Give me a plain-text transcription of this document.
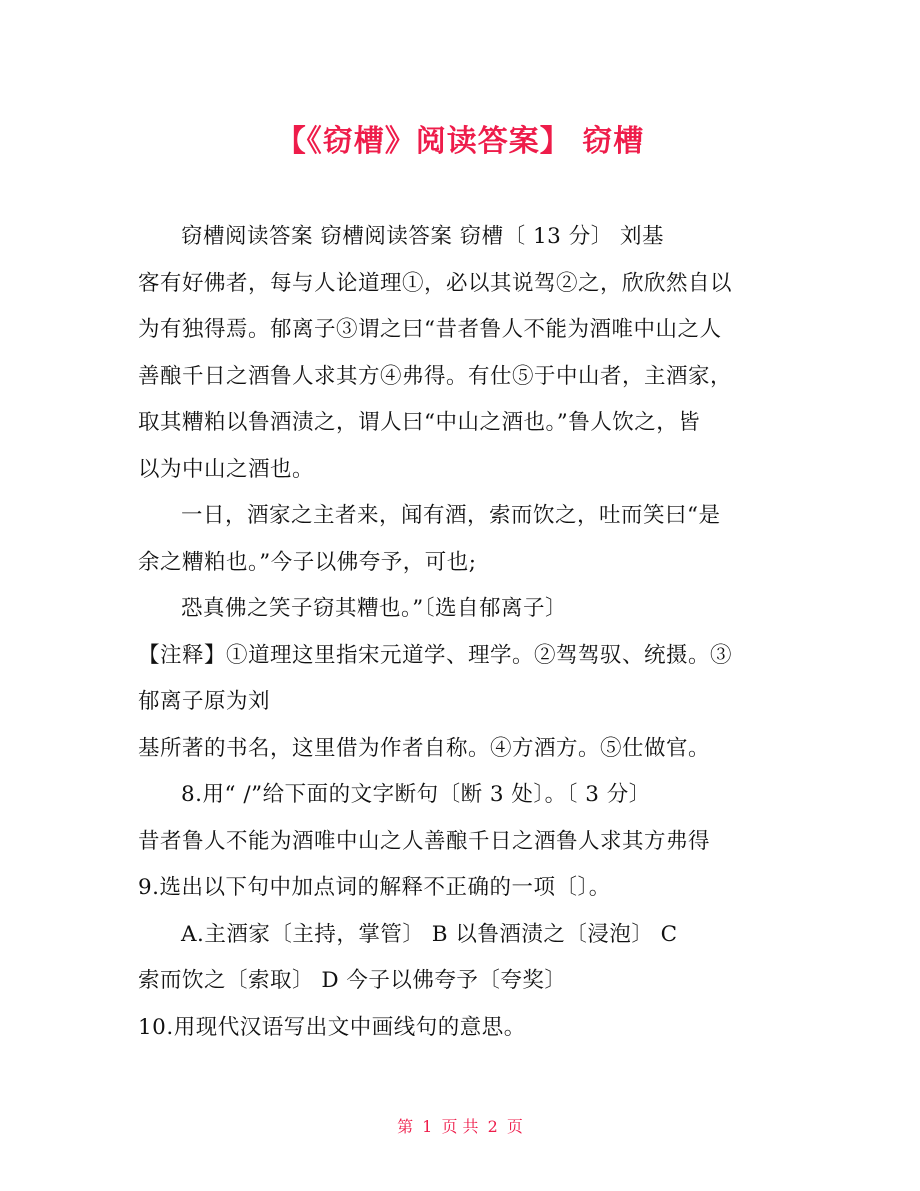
【《窃槽》阅读答案】 窃槽
窃槽阅读答案 窃槽阅读答案 窃槽〔 13 分〕 刘基
客有好佛者，每与人论道理①，必以其说驾②之，欣欣然自以
为有独得焉。郁离子③谓之曰“昔者鲁人不能为酒唯中山之人
善酿千日之酒鲁人求其方④弗得。有仕⑤于中山者，主酒家，
取其糟粕以鲁酒渍之，谓人曰“中山之酒也。”鲁人饮之，皆
以为中山之酒也。
一日，酒家之主者来，闻有酒，索而饮之，吐而笑曰“是
余之糟粕也。”今子以佛夸予，可也;
恐真佛之笑子窃其糟也。”〔选自郁离子〕
【注释】①道理这里指宋元道学、理学。②驾驾驭、统摄。③
郁离子原为刘
基所著的书名，这里借为作者自称。④方酒方。⑤仕做官。
8.用“ /”给下面的文字断句〔断 3 处〕。〔 3 分〕
昔者鲁人不能为酒唯中山之人善酿千日之酒鲁人求其方弗得
9.选出以下句中加点词的解释不正确的一项〔〕。
A.主酒家〔主持，掌管〕 B 以鲁酒渍之〔浸泡〕 C
索而饮之〔索取〕 D 今子以佛夸予〔夸奖〕
10.用现代汉语写出文中画线句的意思。
第 1 页 共 2 页
